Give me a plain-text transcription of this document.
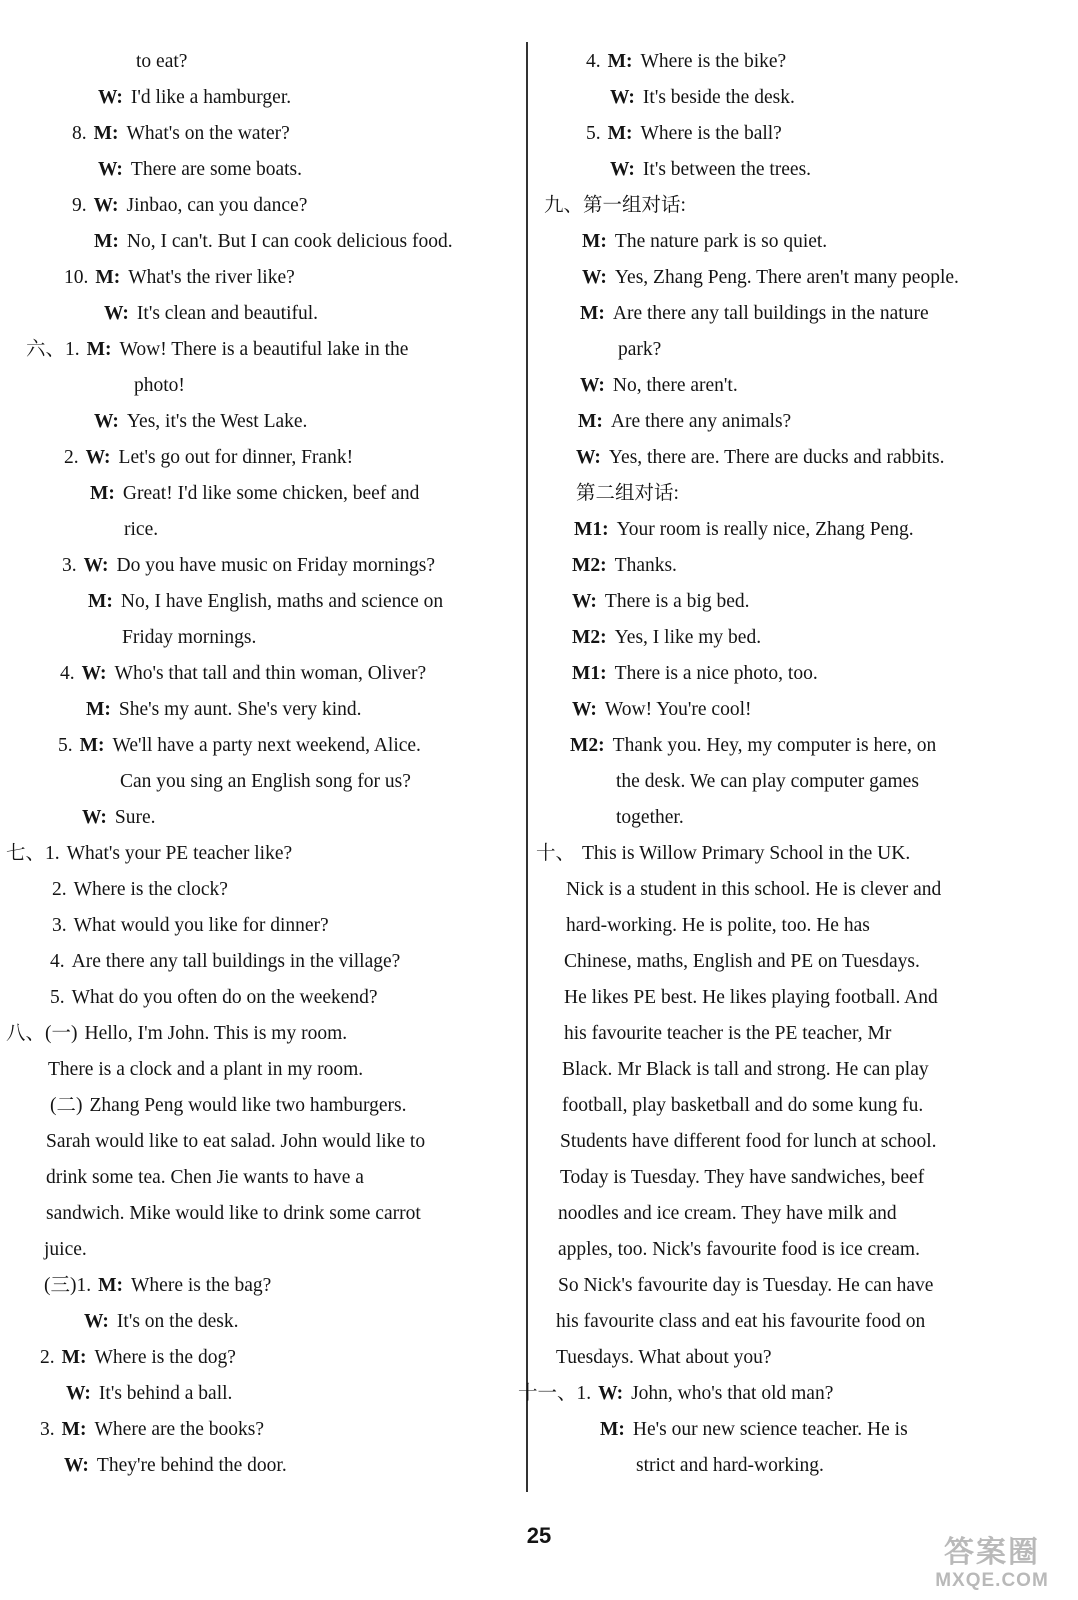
to eat?
W: I'd like a hamburger.
8. M: What's on the water?
W: There are some boats.
9. W: Jinbao, can you dance?
M: No, I can't. But I can cook delicious food.
10. M: What's the river like?
W: It's clean and beautiful.
六、1. M: Wow! There is a beautiful lake in the
photo!
W: Yes, it's the West Lake.
2. W: Let's go out for dinner, Frank!
M: Great! I'd like some chicken, beef and
rice.
3. W: Do you have music on Friday mornings?
M: No, I have English, maths and science on
Friday mornings.
4. W: Who's that tall and thin woman, Oliver?
M: She's my aunt. She's very kind.
5. M: We'll have a party next weekend, Alice.
Can you sing an English song for us?
W: Sure.
七、1. What's your PE teacher like?
2. Where is the clock?
3. What would you like for dinner?
4. Are there any tall buildings in the village?
5. What do you often do on the weekend?
八、(一) Hello, I'm John. This is my room.
There is a clock and a plant in my room.
(二) Zhang Peng would like two hamburgers.
Sarah would like to eat salad. John would like to
drink some tea. Chen Jie wants to have a
sandwich. Mike would like to drink some carrot
juice.
(三)1. M: Where is the bag?
W: It's on the desk.
2. M: Where is the dog?
W: It's behind a ball.
3. M: Where are the books?
W: They're behind the door.
4. M: Where is the bike?
W: It's beside the desk.
5. M: Where is the ball?
W: It's between the trees.
九、第一组对话:
M: The nature park is so quiet.
W: Yes, Zhang Peng. There aren't many people.
M: Are there any tall buildings in the nature
park?
W: No, there aren't.
M: Are there any animals?
W: Yes, there are. There are ducks and rabbits.
第二组对话:
M1: Your room is really nice, Zhang Peng.
M2: Thanks.
W: There is a big bed.
M2: Yes, I like my bed.
M1: There is a nice photo, too.
W: Wow! You're cool!
M2: Thank you. Hey, my computer is here, on
the desk. We can play computer games
together.
十、 This is Willow Primary School in the UK.
Nick is a student in this school. He is clever and
hard-working. He is polite, too. He has
Chinese, maths, English and PE on Tuesdays.
He likes PE best. He likes playing football. And
his favourite teacher is the PE teacher, Mr
Black. Mr Black is tall and strong. He can play
football, play basketball and do some kung fu.
Students have different food for lunch at school.
Today is Tuesday. They have sandwiches, beef
noodles and ice cream. They have milk and
apples, too. Nick's favourite food is ice cream.
So Nick's favourite day is Tuesday. He can have
his favourite class and eat his favourite food on
Tuesdays. What about you?
十一、1. W: John, who's that old man?
M: He's our new science teacher. He is
strict and hard-working.
25
答案圈
MXQE.COM
